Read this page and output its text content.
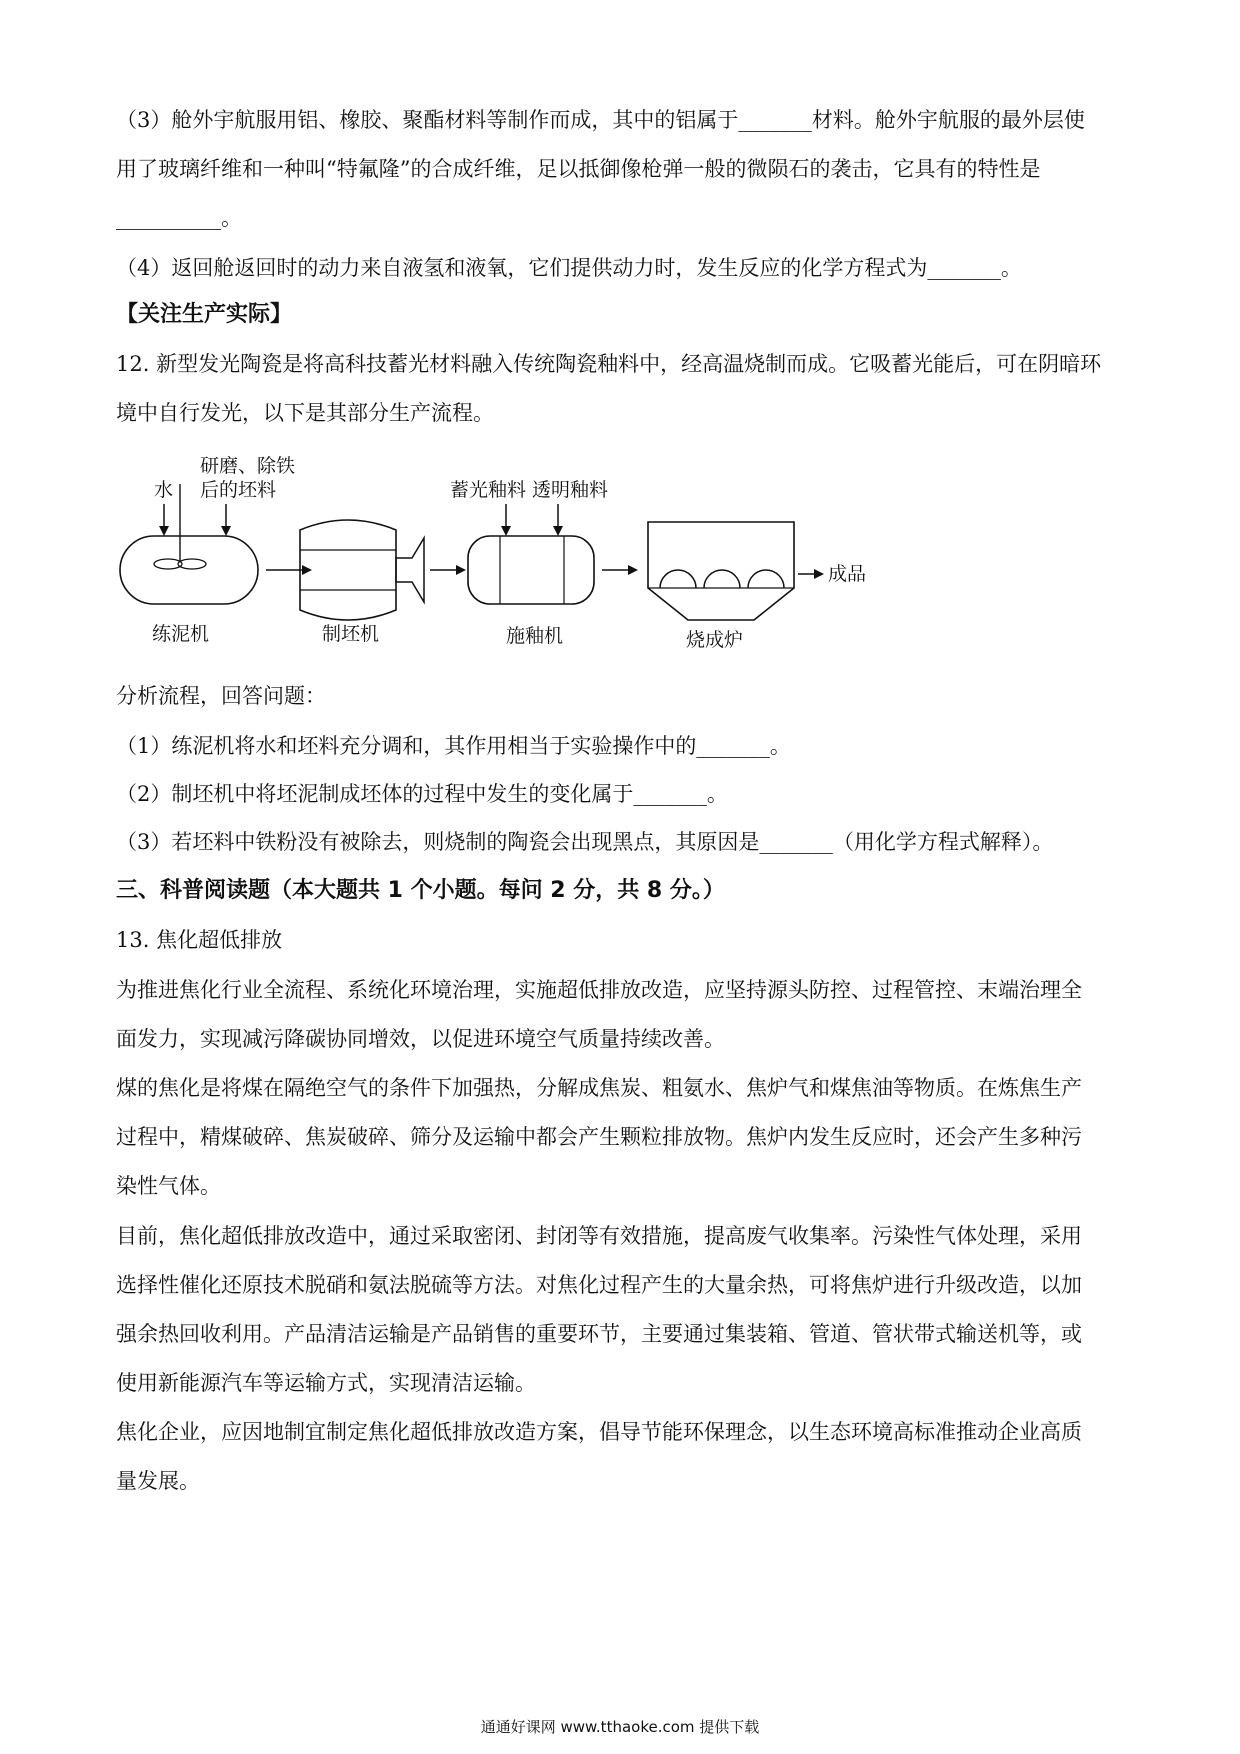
（3）舱外宇航服用铝、橡胶、聚酯材料等制作而成，其中的铝属于_______材料。舱外宇航服的最外层使
用了玻璃纤维和一种叫“特氟隆”的合成纤维，足以抵御像枪弹一般的微陨石的袭击，它具有的特性是
__________。

（4）返回舱返回时的动力来自液氢和液氧，它们提供动力时，发生反应的化学方程式为_______。

【关注生产实际】

12. 新型发光陶瓷是将高科技蓄光材料融入传统陶瓷釉料中，经高温烧制而成。它吸蓄光能后，可在阴暗环
境中自行发光，以下是其部分生产流程。

水
研磨、除铁
后的坯料
练泥机	制坯机
蓄光釉料 透明釉料
施釉机	烧成炉
成品

分析流程，回答问题：

（1）练泥机将水和坯料充分调和，其作用相当于实验操作中的_______。

（2）制坯机中将坯泥制成坯体的过程中发生的变化属于_______。

（3）若坯料中铁粉没有被除去，则烧制的陶瓷会出现黑点，其原因是_______（用化学方程式解释）。

三、科普阅读题（本大题共 1 个小题。每问 2 分，共 8 分。）

13. 焦化超低排放

为推进焦化行业全流程、系统化环境治理，实施超低排放改造，应坚持源头防控、过程管控、末端治理全
面发力，实现减污降碳协同增效，以促进环境空气质量持续改善。

煤的焦化是将煤在隔绝空气的条件下加强热，分解成焦炭、粗氨水、焦炉气和煤焦油等物质。在炼焦生产
过程中，精煤破碎、焦炭破碎、筛分及运输中都会产生颗粒排放物。焦炉内发生反应时，还会产生多种污
染性气体。

目前，焦化超低排放改造中，通过采取密闭、封闭等有效措施，提高废气收集率。污染性气体处理，采用
选择性催化还原技术脱硝和氨法脱硫等方法。对焦化过程产生的大量余热，可将焦炉进行升级改造，以加
强余热回收利用。产品清洁运输是产品销售的重要环节，主要通过集装箱、管道、管状带式输送机等，或
使用新能源汽车等运输方式，实现清洁运输。

焦化企业，应因地制宜制定焦化超低排放改造方案，倡导节能环保理念，以生态环境高标准推动企业高质
量发展。

通通好课网 www.tthaoke.com 提供下载
